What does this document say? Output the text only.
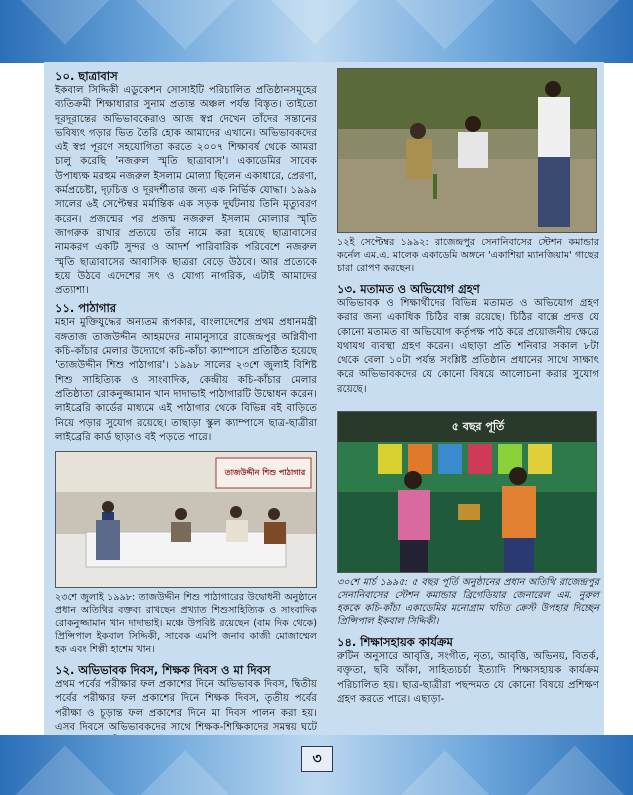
১০. ছাত্রাবাস

ইকবাল সিদ্দিকী এডুকেশন সোসাইটি পরিচালিত প্রতিষ্ঠানসমূহের ব্যতিক্রমী শিক্ষাধারার সুনাম প্রত্যন্ত অঞ্চল পর্যন্ত বিস্তৃত। তাইতো দূরদূরান্তের অভিভাবকেরাও আজ স্বপ্ন দেখেন তাঁদের সন্তানের ভবিষ্যৎ গড়ার ভিত তৈরি হোক আমাদের এখানে। অভিভাবকদের এই স্বপ্ন পূরণে সহযোগিতা করতে ২০০৭ শিক্ষাবর্ষ থেকে আমরা চালু করেছি 'নজরুল স্মৃতি ছাত্রাবাস'। একাডেমির সাবেক উপাধ্যক্ষ মরহুম নজরুল ইসলাম মোল্যা ছিলেন একাধারে, প্রেরণা, কর্মপ্রচেষ্টা, দৃঢ়চিত্ত ও দূরদর্শীতার জন্য এক নির্ভিক যোদ্ধা। ১৯৯৯ সালের ৬ই সেপ্টেম্বর মর্মান্তিক এক সড়ক দুর্ঘটনায় তিনি মৃত্যুবরণ করেন। প্রজন্মের পর প্রজন্ম নজরুল ইসলাম মোল্যার স্মৃতি জাগরুক রাখার প্রত্যয়ে তাঁর নামে করা হয়েছে ছাত্রাবাসের নামকরণ একটি সুন্দর ও আদর্শ পারিবারিক পরিবেশে নজরুল স্মৃতি ছাত্রাবাসের আবাসিক ছাত্ররা বেড়ে উঠবে। আর প্রত্যেকে হয়ে উঠবে এদেশের সৎ ও যোগ্য নাগরিক, এটাই আমাদের প্রত্যাশা।

১১. পাঠাগার

মহান মুক্তিযুদ্ধের অন্যতম রূপকার, বাংলাদেশের প্রথম প্রধানমন্ত্রী বঙ্গতাজ তাজউদ্দীন আহমদের নামানুসারে রাজেন্দ্রপুর অগ্নিবীণা কচি-কাঁচার মেলার উদ্যোগে কচি-কাঁচা ক্যাম্পাসে প্রতিষ্ঠিত হয়েছে 'তাজউদ্দীন শিশু পাঠাগার'। ১৯৯৮ সালের ২৩শে জুলাই বিশিষ্ট শিশু সাহিত্যিক ও সাংবাদিক, কেন্দ্রীয় কচি-কাঁচার মেলার প্রতিষ্ঠাতা রোকনুজ্জামান খান দাদাভাই পাঠাগারটি উদ্বোধন করেন। লাইব্রেরি কার্ডের মাধ্যমে এই পাঠাগার থেকে বিভিন্ন বই বাড়িতে নিয়ে পড়ার সুযোগ রয়েছে। তাছাড়া স্কুল ক্যাম্পাসে ছাত্র-ছাত্রীরা লাইব্রেরি কার্ড ছাড়াও বই পড়তে পারে।

তাজউদ্দীন শিশু পাঠাগার

২৩শে জুলাই ১৯৯৮: তাজউদ্দীন শিশু পাঠাগারের উদ্বোধনী অনুষ্ঠানে প্রধান অতিথির বক্তব্য রাখছেন প্রখ্যাত শিশুসাহিত্যিক ও সাংবাদিক রোকনুজ্জামান খান দাদাভাই। মঞ্চে উপবিষ্ট রয়েছেন (বাম দিক থেকে) প্রিন্সিপাল ইকবাল সিদ্দিকী, সাবেক এমপি জনাব কাজী মোজাম্মেল হক এবং শিল্পী হাশেম খান।

১২. অভিভাবক দিবস, শিক্ষক দিবস ও মা দিবস

প্রথম পর্বের পরীক্ষার ফল প্রকাশের দিনে অভিভাবক দিবস, দ্বিতীয় পর্বের পরীক্ষার ফল প্রকাশের দিনে শিক্ষক দিবস, তৃতীয় পর্বের পরীক্ষা ও চূড়ান্ত ফল প্রকাশের দিনে মা দিবস পালন করা হয়। এসব দিবসে অভিভাবকদের সাথে শিক্ষক-শিক্ষিকাদের সমন্বয় ঘটে

১২ই সেপ্টেম্বর ১৯৯২: রাজেন্দ্রপুর সেনানিবাসের স্টেশন কমান্ডার কর্নেল এম.এ. মালেক একাডেমি অঙ্গনে 'একাশিয়া ম্যানজিয়াম' গাছের চারা রোপণ করছেন।

১৩. মতামত ও অভিযোগ গ্রহণ

অভিভাবক ও শিক্ষার্থীদের বিভিন্ন মতামত ও অভিযোগ গ্রহণ করার জন্য একাধিক চিঠির বাক্স রয়েছে। চিঠির বাক্সে প্রদত্ত যে কোনো মতামত বা অভিযোগ কর্তৃপক্ষ পাঠ করে প্রয়োজনীয় ক্ষেত্রে যথাযথ ব্যবস্থা গ্রহণ করেন। এছাড়া প্রতি শনিবার সকাল ৮টা থেকে বেলা ১০টা পর্যন্ত সংশ্লিষ্ট প্রতিষ্ঠান প্রধানের সাথে সাক্ষাৎ করে অভিভাবকদের যে কোনো বিষয়ে আলোচনা করার সুযোগ রয়েছে।

৫ বছর পূর্তি

৩০শে মার্চ ১৯৯৫: ৫ বছর পূর্তি অনুষ্ঠানের প্রধান অতিথি রাজেন্দ্রপুর সেনানিবাসের স্টেশন কমান্ডার ব্রিগেডিয়ার জেনারেল এম. নুরুল হককে কচি-কাঁচা একাডেমির মনোগ্রাম খচিত ক্রেস্ট উপহার দিচ্ছেন প্রিন্সিপাল ইকবাল সিদ্দিকী।

১৪. শিক্ষাসহায়ক কার্যক্রম

রুটিন অনুসারে আবৃত্তি, সংগীত, নৃত্য, আবৃত্তি, অভিনয়, বিতর্ক, বক্তৃতা, ছবি আঁকা, সাহিত্যচর্চা ইত্যাদি শিক্ষাসহায়ক কার্যক্রম পরিচালিত হয়। ছাত্র-ছাত্রীরা পছন্দমত যে কোনো বিষয়ে প্রশিক্ষণ গ্রহণ করতে পারে। এছাড়া-

৩
